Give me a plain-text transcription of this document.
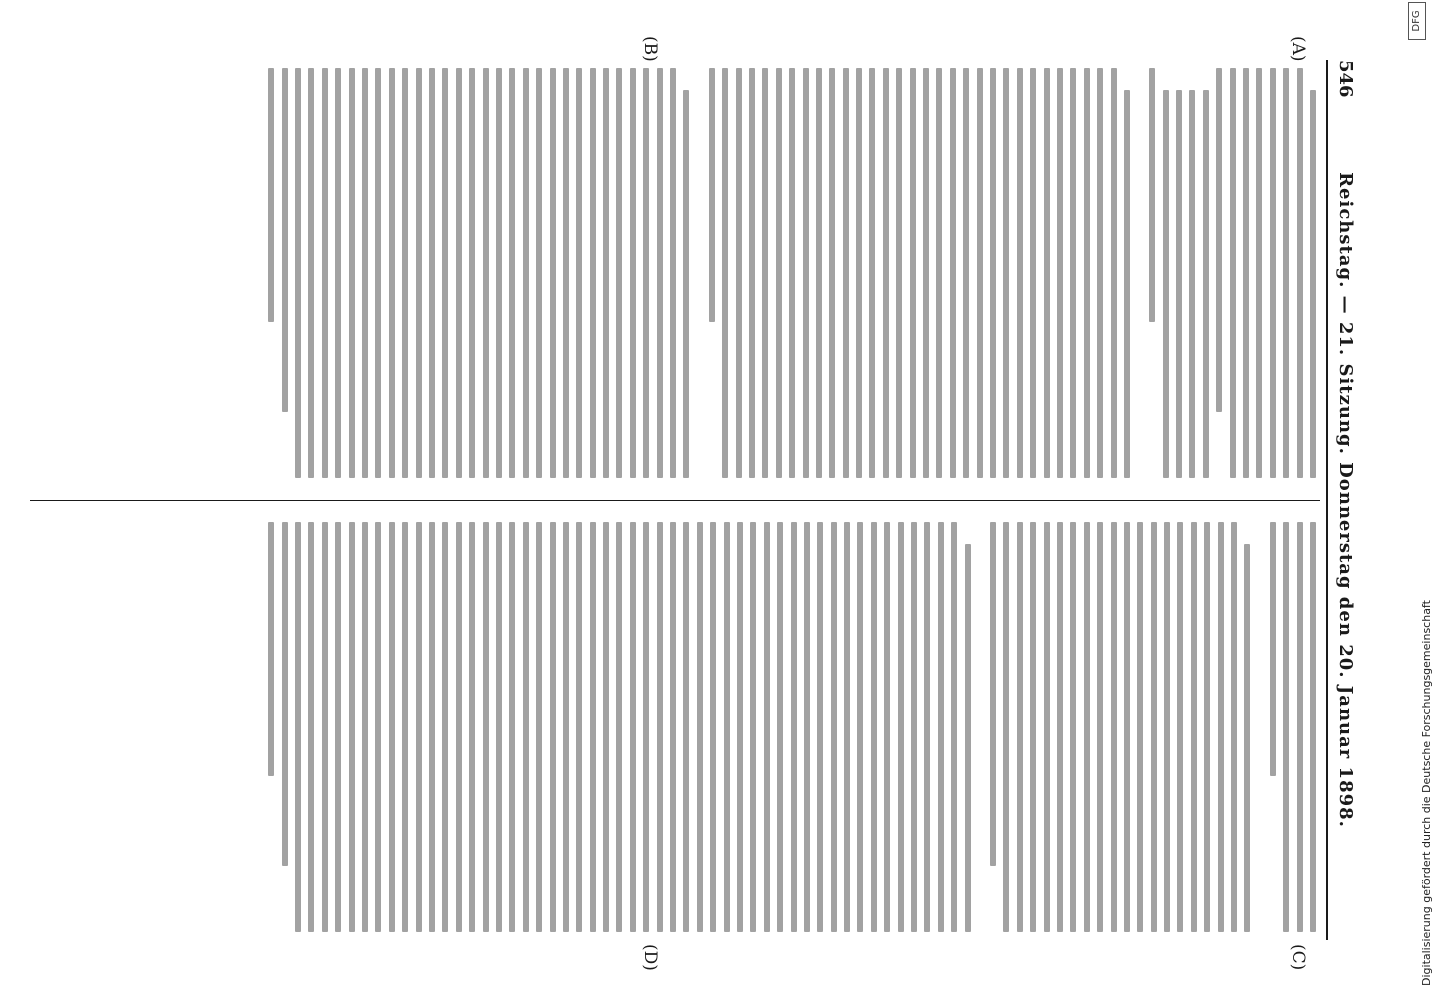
546
Reichstag. — 21. Sitzung. Donnerstag den 20. Januar 1898.
(A)
(B)
(C)
(D)	Digitalisierung gefördert durch die Deutsche Forschungsgemeinschaft
DFG
